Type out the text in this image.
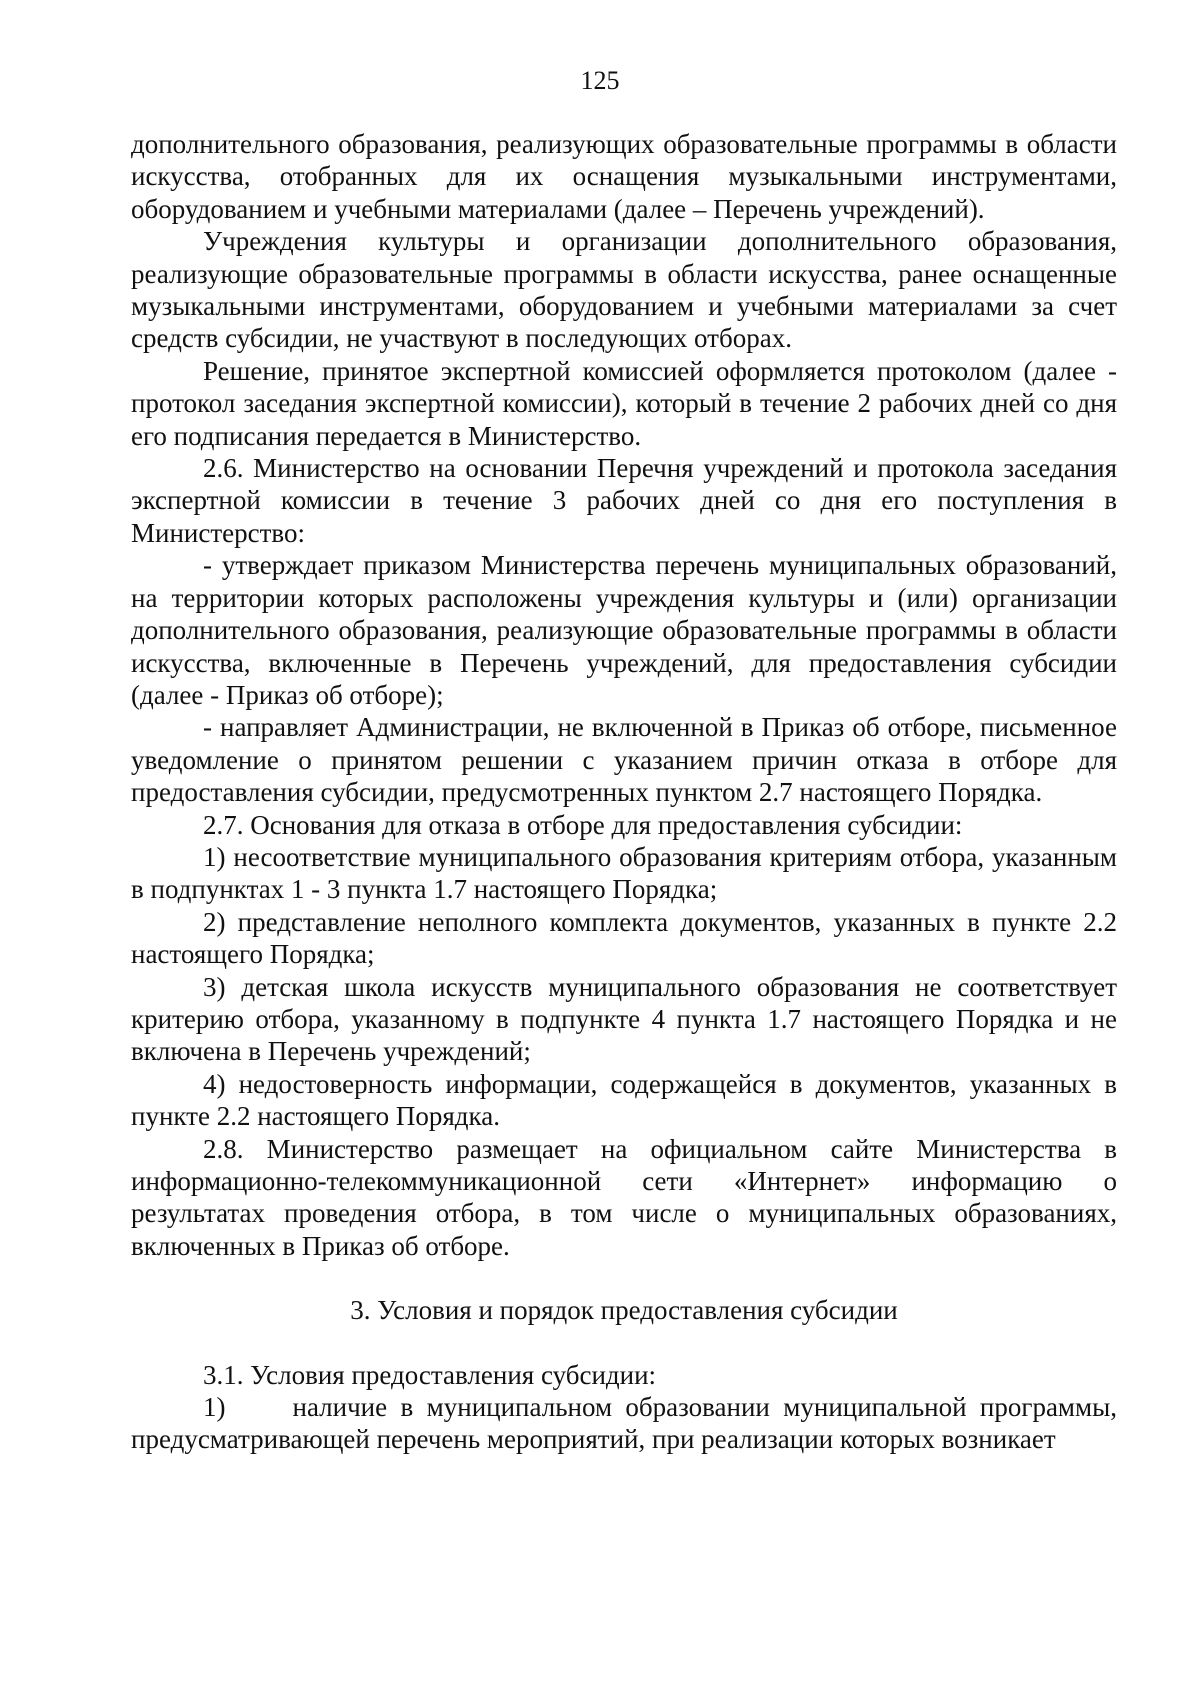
125

дополнительного образования, реализующих образовательные программы в области искусства, отобранных для их оснащения музыкальными инструментами, оборудованием и учебными материалами (далее – Перечень учреждений).

Учреждения культуры и организации дополнительного образования, реализующие образовательные программы в области искусства, ранее оснащенные музыкальными инструментами, оборудованием и учебными материалами за счет средств субсидии, не участвуют в последующих отборах.

Решение, принятое экспертной комиссией оформляется протоколом (далее - протокол заседания экспертной комиссии), который в течение 2 рабочих дней со дня его подписания передается в Министерство.

2.6. Министерство на основании Перечня учреждений и протокола заседания экспертной комиссии в течение 3 рабочих дней со дня его поступления в Министерство:

- утверждает приказом Министерства перечень муниципальных образований, на территории которых расположены учреждения культуры и (или) организации дополнительного образования, реализующие образовательные программы в области искусства, включенные в Перечень учреждений, для предоставления субсидии (далее - Приказ об отборе);

- направляет Администрации, не включенной в Приказ об отборе, письменное уведомление о принятом решении с указанием причин отказа в отборе для предоставления субсидии, предусмотренных пунктом 2.7 настоящего Порядка.

2.7. Основания для отказа в отборе для предоставления субсидии:

1) несоответствие муниципального образования критериям отбора, указанным в подпунктах 1 - 3 пункта 1.7 настоящего Порядка;

2) представление неполного комплекта документов, указанных в пункте 2.2 настоящего Порядка;

3) детская школа искусств муниципального образования не соответствует критерию отбора, указанному в подпункте 4 пункта 1.7 настоящего Порядка и не включена в Перечень учреждений;

4) недостоверность информации, содержащейся в документов, указанных в пункте 2.2 настоящего Порядка.

2.8. Министерство размещает на официальном сайте Министерства в информационно-телекоммуникационной сети «Интернет» информацию о результатах проведения отбора, в том числе о муниципальных образованиях, включенных в Приказ об отборе.

3. Условия и порядок предоставления субсидии

3.1. Условия предоставления субсидии:

1)     наличие в муниципальном образовании муниципальной программы, предусматривающей перечень мероприятий, при реализации которых возникает
